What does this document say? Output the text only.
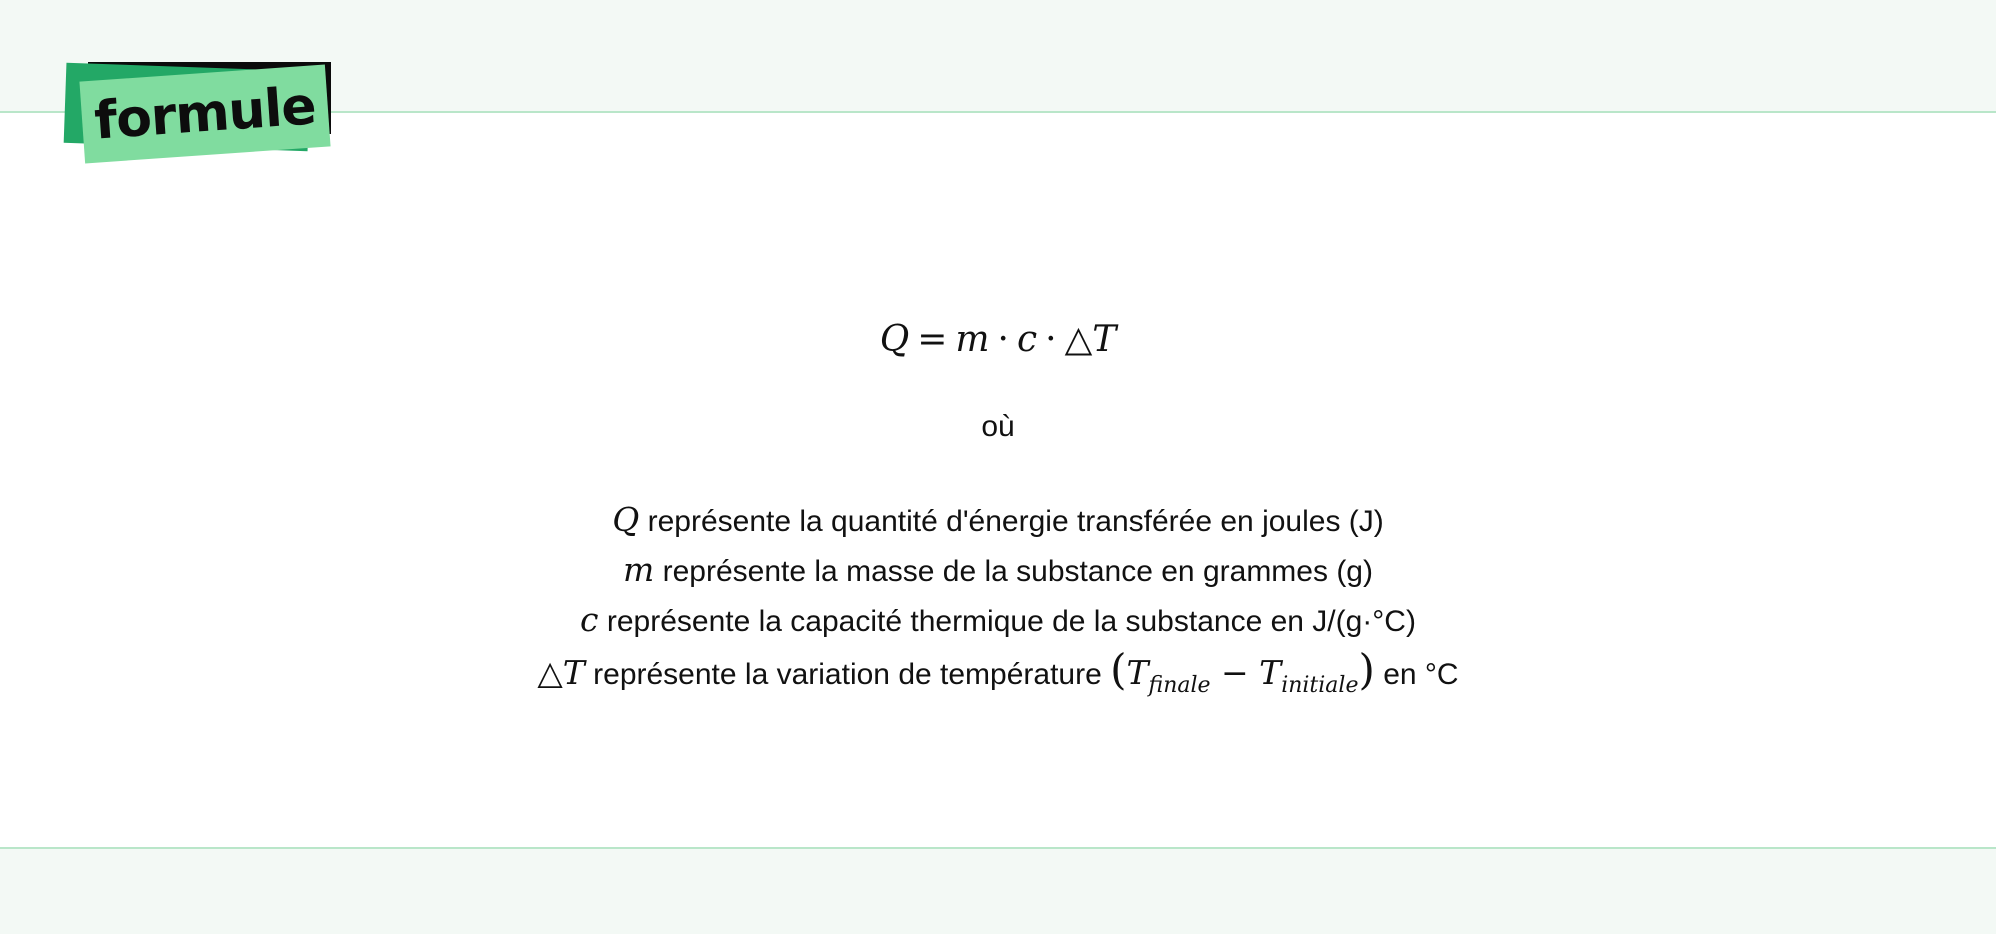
formule
Q = m · c · △T
où
Q représente la quantité d'énergie transférée en joules (J)
m représente la masse de la substance en grammes (g)
c représente la capacité thermique de la substance en J/(g·°C)
△T représente la variation de température $(T_{finale} - T_{initiale})$ en °C
